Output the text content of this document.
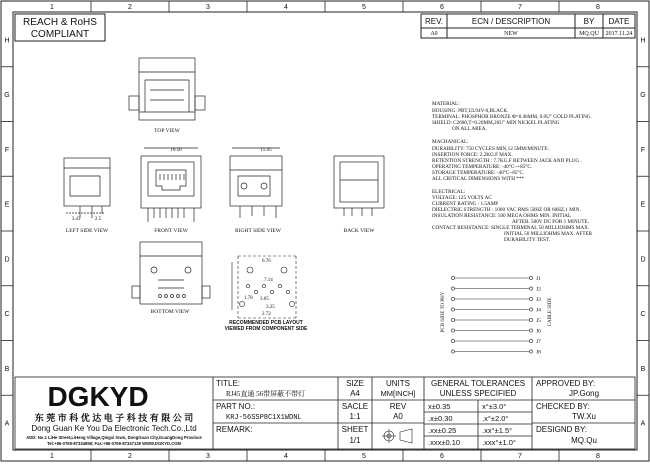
1
1
2
2
3
3
4
4
5
5
6
6
7
7
8
8
H	H
G	G
F	F
E	E
D	D
C	C
B	B
A	A
REACH & RoHS
COMPLIANT
REV.	ECN / DESCRIPTION	BY DATE
A0	NEW	MQ.QU 2017.11.24
TOP VIEW
3.43	2.5
LEFT SIDE VIEW
16.50
FRONT VIEW
15.95
RIGHT SIDE VIEW	BACK VIEW
BOTTOM VIEW
6.76
7.14
1.78 3.05
3.25
2.72
RECOMMENDED PCB LAYOUT
VIEWED FROM COMPONENT SIDE
MATERIAL:
HOUSING: PBT,UL94V-0,BLACK.
TERMINAL: PHOSPHOR BRONZE Φ=0.46MM, 0.6U" GOLD PLATING.
SHIELD: C2680,T=0.20MM,20U" MIN NICKEL PLATING
ON ALL AREA.
MACHANICAL:
DURABILITY: 750 CYCLES MIN,12.5MM/MINUTE.
INSERTION FORCE: 2.2KG.F MAX.
RETENTION STRENGTH : 7.7KG.F BETWEEN JACK AND PLUG .
OPERATING TEMPERATURE: -40°C~+85°C.
STORAGE TEMPERATURE: -40°C~85°C.
ALL CRITICAL DIMENSIONS WITH ***
ELECTRICAL:
VOLTAGE: 125 VOLTS AC
CURRENT RATING : 1.5AMP
DIELECTRIC STRENGTH : 1000 VAC RMS 50HZ OR 60HZ,1 MIN.
INSULATION RESISTANCE: 500 MEGA OHMS MIN. INITIAL
AFTER. 500V DC FOR 1 MINUTE.
CONTACT RESISTANCE: SINGLE TERMINAL 50 MILLIOHMS MAX.
INITIAL 50 MILLIOHMS MAX. AFTER
DURABILITY TEST.
J1
J2
J3
J4
J5
J6
J7
J8
PCB SIDE TO PHY	CABLE SIDE
DGKYD
东 莞 市 科 优 达 电 子 科 技 有 限 公 司
Dong Guan Ke You Da Electronic Tech.Co.,Ltd
ADD: No.1 LiHe Street,LiHeng Village,Qingxi town, DongGuan City,GuangDong Province
Tel:+86-0769-87334858; Fax:+86-0769-87347129 WWW.DGKYD.COM
TITLE:
RJ45直通 56带屏蔽不带灯
PART NO.:
KRJ-56SSP8C1X1WDNL
REMARK:
SIZE
A4
UNITS
MM[INCH]
SACLE
1:1
REV
A0
SHEET
1/1
GENERAL TOLERANCES
UNLESS SPECIFIED
x±0.35	x°±3.0°
.x±0.30	.x°±2.0°
.xx±0.25	.xx°±1.5°
.xxx±0.10	.xxx°±1.0°
APPROVED BY:
JP.Gong
CHECKED BY:
TW.Xu
DESIGND BY:
MQ.Qu
